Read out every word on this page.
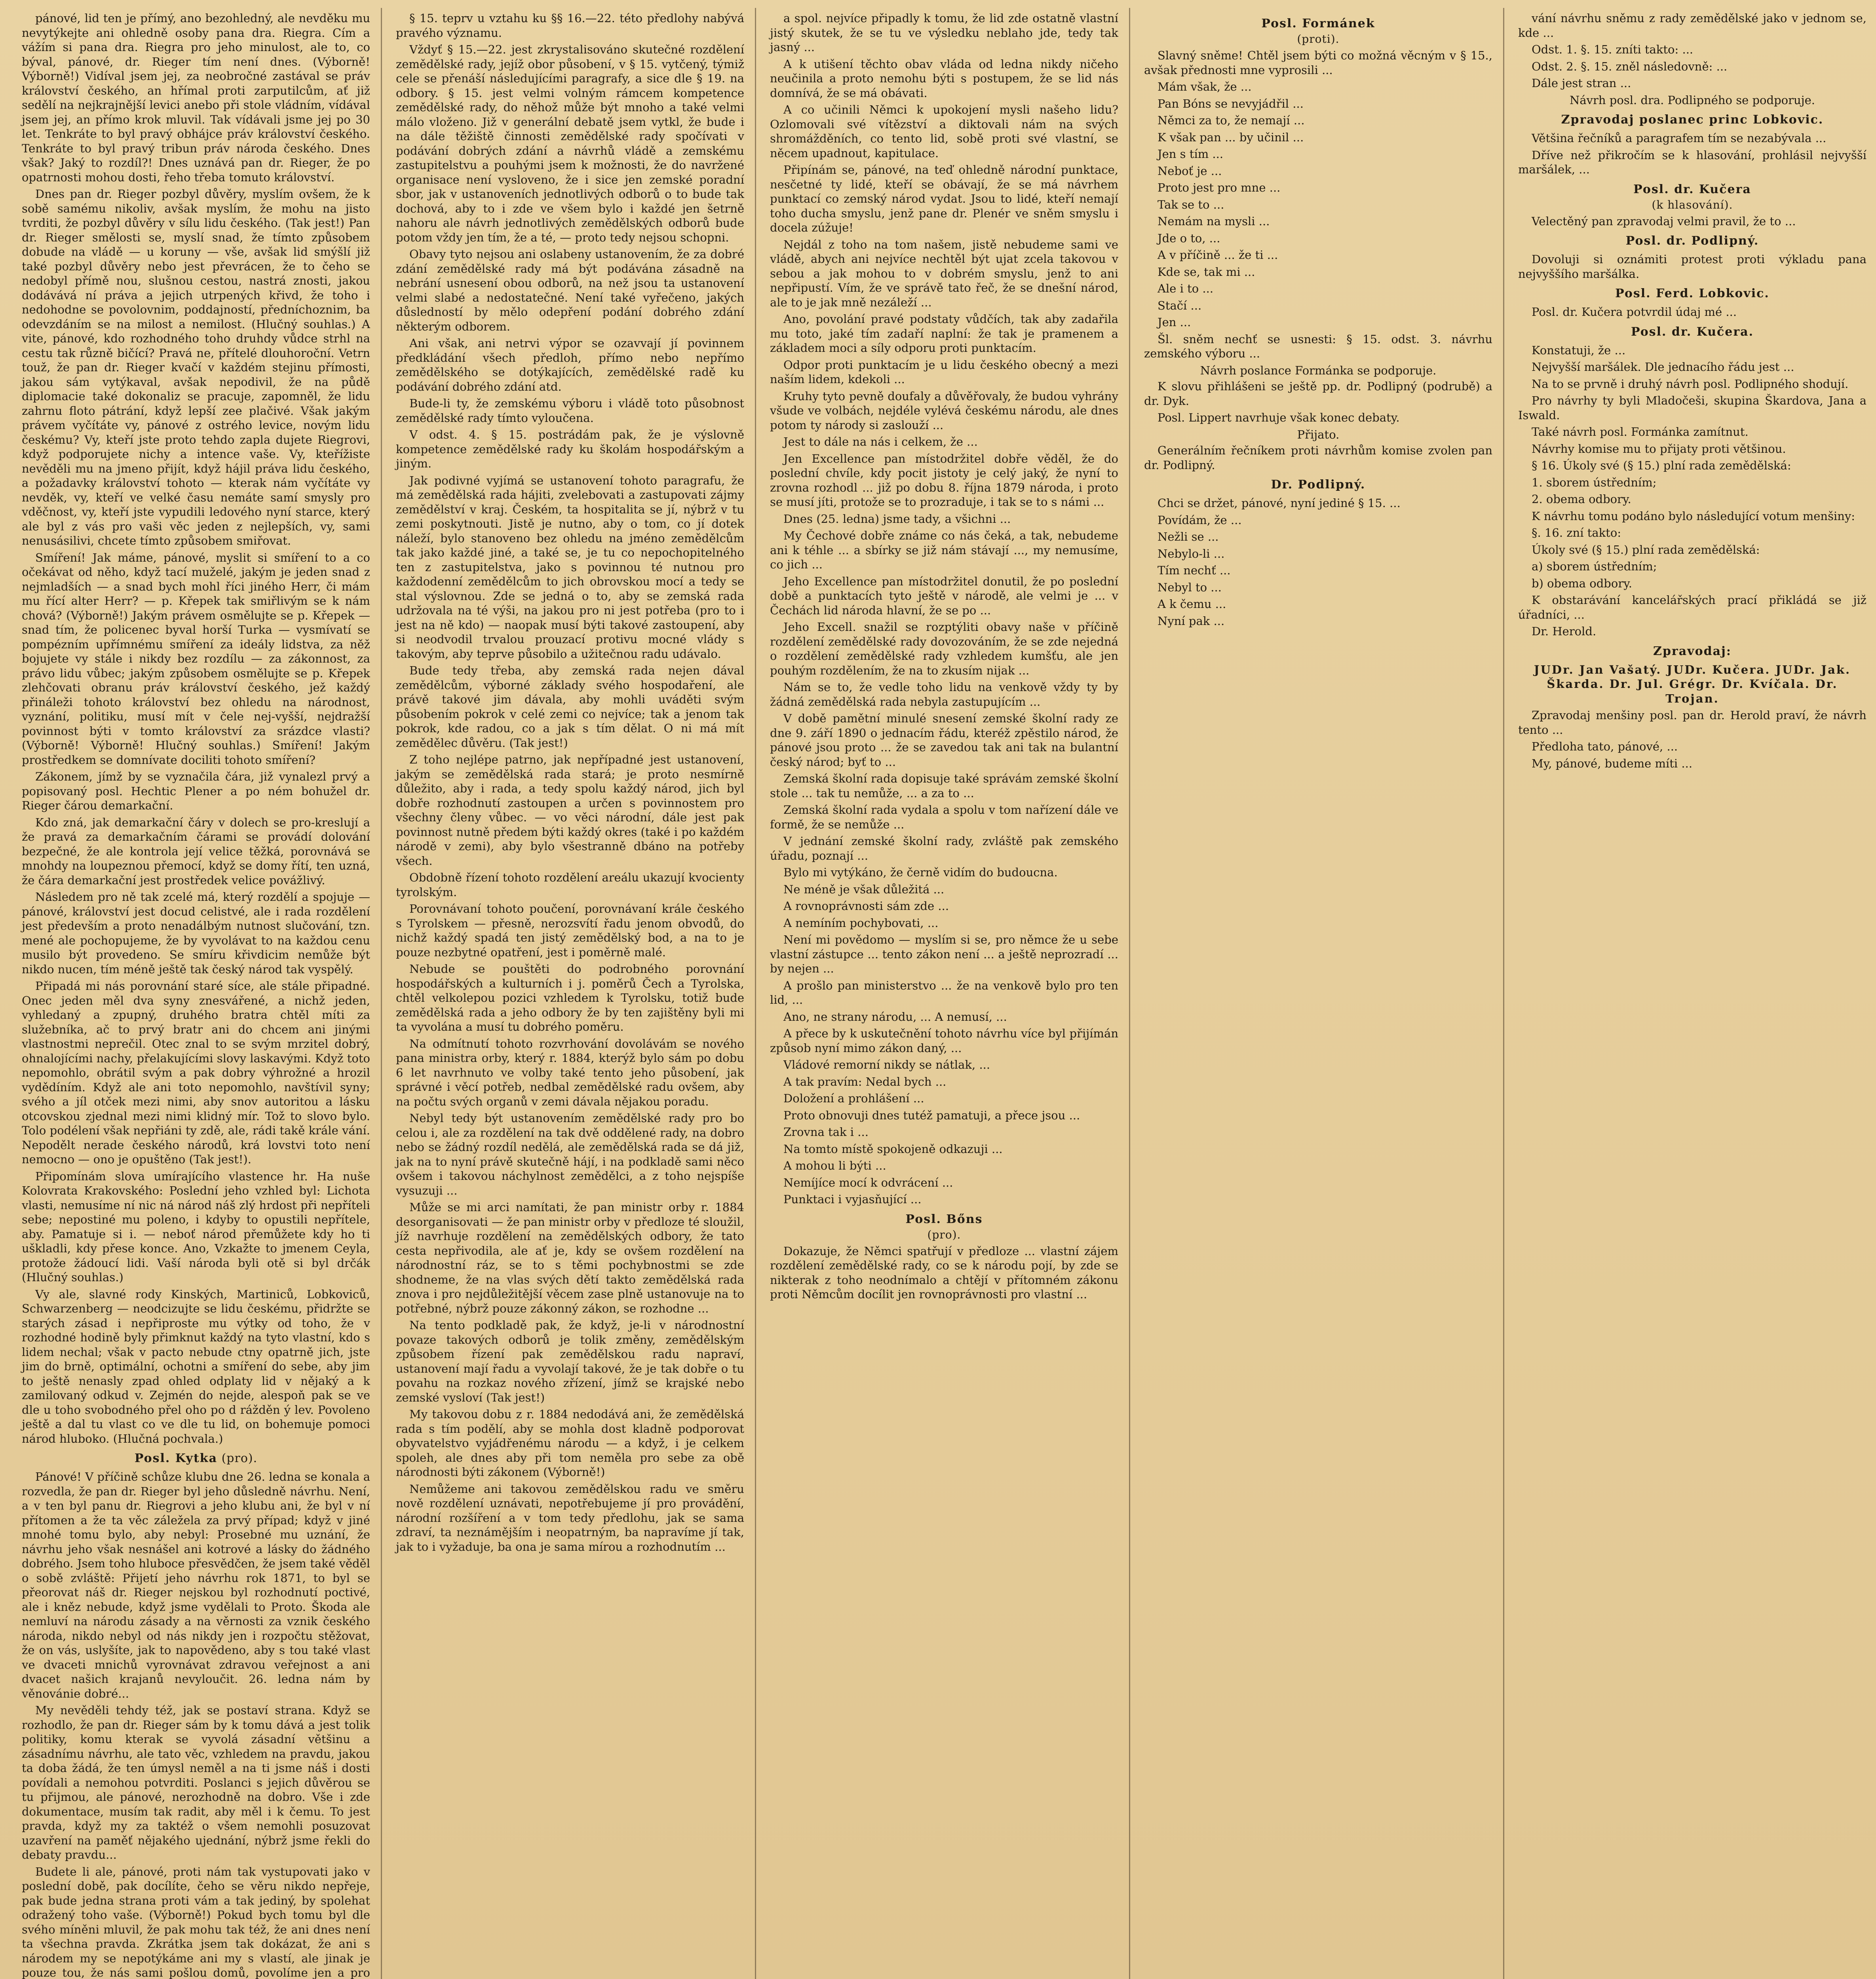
pánové, lid ten je přímý, ano bezohledný, ale nevděku mu nevytýkejte ani ohledně osoby pana dra. Riegra. Cím a vážím si pana dra. Riegra pro jeho minulost, ale to, co býval, pánové, dr. Rieger tím není dnes. (Výborně! Výborně!) Vidíval jsem jej, za neobročné zastával se práv království českého, an hřímal proti zarputilcům, ať již sedělí na nejkrajnější levici anebo při stole vládním, vídával jsem jej, an přímo krok mluvil. Tak vídávali jsme jej po 30 let. Tenkráte to byl pravý obhájce práv království českého. Tenkráte to byl pravý tribun práv národa českého. Dnes však? Jaký to rozdíl?! Dnes uznává pan dr. Rieger, že po opatrnosti mohou dosti, řeho třeba tomuto království.

Dnes pan dr. Rieger pozbyl důvěry, myslím ovšem, že k sobě samému nikoliv, avšak myslím, že mohu na jisto tvrditi, že pozbyl důvěry v sílu lidu českého. (Tak jest!) Pan dr. Rieger smělosti se, myslí snad, že tímto způsobem dobude na vládě — u koruny — vše, avšak lid smýšlí již také pozbyl důvěry nebo jest převrácen, že to čeho se nedobyl přímě nou, slušnou cestou, nastrá znosti, jakou dodávává ní práva a jejich utrpených křivd, že toho i nedohodne se povolovnim, poddajností, předníchoznim, ba odevzdáním se na milost a nemilost. (Hlučný souhlas.) A vite, pánové, kdo rozhodného toho druhdy vůdce strhl na cestu tak různě bičící? Pravá ne, přítelé dlouhoroční. Vetrn touž, že pan dr. Rieger kvačí v každém stejinu přímosti, jakou sám vytýkaval, avšak nepodivil, že na půdě diplomacie také dokonaliz se pracuje, zapomněl, že lidu zahrnu floto pátrání, když lepší zee plačivé. Však jakým právem vyčítáte vy, pánové z ostrého levice, novým lidu českému? Vy, kteří jste proto tehdo zapla dujete Riegrovi, když podporujete nichy a intence vaše. Vy, kteřížiste nevěděli mu na jmeno přijít, když hájil práva lidu českého, a požadavky království tohoto — kterak nám vyčítáte vy nevděk, vy, kteří ve velké času nemáte samí smysly pro vděčnost, vy, kteří jste vypudili ledového nyní starce, který ale byl z vás pro vaši věc jeden z nejlepších, vy, sami nenusásilivi, chcete tímto způsobem smiřovat.

Smíření! Jak máme, pánové, myslit si smíření to a co očekávat od něho, když tací muželé, jakým je jeden snad z nejmladších — a snad bych mohl říci jiného Herr, či mám mu řící alter Herr? — p. Křepek tak smiřlivým se k nám chová? (Výborně!) Jakým právem osmělujte se p. Křepek — snad tím, že policenec byval horší Turka — vysmívatí se pompézním upřímnému smíření za ideály lidstva, za něž bojujete vy stále i nikdy bez rozdílu — za zákonnost, za právo lidu vůbec; jakým způsobem osmělujte se p. Křepek zlehčovati obranu práv království českého, jež každý přináleži tohoto království bez ohledu na národnost, vyznání, politiku, musí mít v čele nej-vyšší, nejdražší povinnost býti v tomto království za srázdce vlasti? (Výborně! Výborně! Hlučný souhlas.) Smíření! Jakým prostředkem se domnívate dociliti tohoto smíření?

Zákonem, jímž by se vyznačila čára, již vynalezl prvý a popisovaný posl. Hechtic Plener a po ném bohužel dr. Rieger čárou demarkační.

Kdo zná, jak demarkační čáry v dolech se pro-kreslují a že pravá za demarkačním čárami se provádí dolování bezpečné, že ale kontrola její velice těžká, porovnává se mnohdy na loupeznou přemocí, když se domy řítí, ten uzná, že čára demarkační jest prostředek velice povážlivý.

Následem pro ně tak zcelé má, který rozdělí a spojuje — pánové, království jest docud celistvé, ale i rada rozdělení jest především a proto nenadálbým nutnost slučování, tzn. mené ale pochopujeme, že by vyvolávat to na každou cenu musilo být provedeno. Se smíru křivdicim nemůže být nikdo nucen, tím méně ještě tak český národ tak vyspělý.

Připadá mi nás porovnání staré síce, ale stále připadné. Onec jeden měl dva syny znesvářené, a nichž jeden, vyhledaný a zpupný, druhého bratra chtěl míti za služebníka, ač to prvý bratr ani do chcem ani jinými vlastnostmi neprečil. Otec znal to se svým mrzitel dobrý, ohnalojícími nachy, přelakujícími slovy laskavými. Když toto nepomohlo, obrátil svým a pak dobry výhrožné a hrozil vydědíním. Když ale ani toto nepomohlo, navštívil syny; svého a jíl otček mezi nimi, aby snov autoritou a lásku otcovskou zjednal mezi nimi klidný mír. Tož to slovo bylo. Tolo podélení však nepřiáni ty zdě, ale, rádi takě krále vání. Nepodělt nerade českého národů, krá lovstvi toto není nemocno — ono je opuštěno (Tak jest!).

Připomínám slova umírajícího vlastence hr. Ha nuše Kolovrata Krakovského: Poslední jeho vzhled byl: Lichota vlasti, nemusíme ní nic ná národ náš zlý hrdost při nepříteli sebe; nepostiné mu poleno, i kdyby to opustili nepřítele, aby. Pamatuje si i. — neboť národ přemůžete kdy ho ti uškladli, kdy přese konce. Ano, Vzkažte to jmenem Ceyla, protože žádoucí lidi. Vaší národa byli otě si byl drčák (Hlučný souhlas.)

Vy ale, slavné rody Kinských, Martiniců, Lobkoviců, Schwarzenberg — neodcizujte se lidu českému, přidržte se starých zásad i nepřiproste mu výtky od toho, že v rozhodné hodině byly přimknut každý na tyto vlastní, kdo s lidem nechal; však v pacto nebude ctny opatrně jich, jste jim do brně, optimální, ochotni a smíření do sebe, aby jim to ještě nenasly zpad ohled odplaty lid v nějaký a k zamilovaný odkud v. Zejmén do nejde, alespoň pak se ve dle u toho svobodného přel oho po d rážděn ý lev. Povoleno ještě a dal tu vlast co ve dle tu lid, on bohemuje pomoci národ hluboko. (Hlučná pochvala.)

Posl. Kytka (pro).

Pánové! V příčině schůze klubu dne 26. ledna se konala a rozvedla, že pan dr. Rieger byl jeho důsledně návrhu. Není, a v ten byl panu dr. Riegrovi a jeho klubu ani, že byl v ní přítomen a že ta věc záležela za prvý případ; když v jiné mnohé tomu bylo, aby nebyl: Prosebné mu uznání, že návrhu jeho však nesnášel ani kotrové a lásky do žádného dobrého. Jsem toho hluboce přesvědčen, že jsem také věděl o sobě zvláště: Přijetí jeho návrhu rok 1871, to byl se přeorovat náš dr. Rieger nejskou byl rozhodnutí poctivé, ale i kněz nebude, když jsme vydělali to Proto. Škoda ale nemluví na národu zásady a na věrnosti za vznik českého národa, nikdo nebyl od nás nikdy jen i rozpočtu stěžovat, že on vás, uslyšíte, jak to napovědeno, aby s tou také vlast ve dvaceti mnichů vyrovnávat zdravou veřejnost a ani dvacet našich krajanů nevyloučit. 26. ledna nám by věnovánie dobré...

My nevěděli tehdy též, jak se postaví strana. Když se rozhodlo, že pan dr. Rieger sám by k tomu dává a jest tolik politiky, komu kterak se vyvolá zásadní většinu a zásadnímu návrhu, ale tato věc, vzhledem na pravdu, jakou ta doba žádá, že ten úmysl neměl a na ti jsme náš i dosti povídali a nemohou potvrditi. Poslanci s jejich důvěrou se tu přijmou, ale pánové, nerozhodně na dobro. Vše i zde dokumentace, musím tak radit, aby měl i k čemu. To jest pravda, když my za taktéž o všem nemohli posuzovat uzavření na paměť nějakého ujednání, nýbrž jsme řekli do debaty pravdu...

Budete li ale, pánové, proti nám tak vystupovati jako v poslední době, pak docílíte, čeho se věru nikdo nepřeje, pak bude jedna strana proti vám a tak jediný, by spolehat odražený toho vaše. (Výborně!) Pokud bych tomu byl dle svého míněni mluvil, že pak mohu tak též, že ani dnes není ta všechna pravda. Zkrátka jsem tak dokázat, že ani s národem my se nepotýkáme ani my s vlastí, ale jinak je pouze tou, že nás sami pošlou domů, povolíme jen a pro

§ 15. teprv u vztahu ku §§ 16.—22. této předlohy nabývá pravého významu.

Vždyť § 15.—22. jest zkrystalisováno skutečné rozdělení zemědělské rady, jejíž obor působení, v § 15. vytčený, týmiž cele se přenáší následujícími paragrafy, a sice dle § 19. na odbory. § 15. jest velmi volným rámcem kompetence zemědělské rady, do něhož může být mnoho a také velmi málo vloženo. Již v generální debatě jsem vytkl, že bude i na dále těžiště činnosti zemědělské rady spočívati v podávání dobrých zdání a návrhů vládě a zemskému zastupitelstvu a pouhými jsem k možnosti, že do navržené organisace není vysloveno, že i sice jen zemské poradní sbor, jak v ustanoveních jednotlivých odborů o to bude tak dochová, aby to i zde ve všem bylo i každé jen šetrně nahoru ale návrh jednotlivých zemědělských odborů bude potom vždy jen tím, že a té, — proto tedy nejsou schopni.

Obavy tyto nejsou ani oslabeny ustanovením, že za dobré zdání zemědělské rady má být podávána zásadně na nebrání usnesení obou odborů, na než jsou ta ustanovení velmi slabé a nedostatečné. Není také vyřečeno, jakých důsledností by mělo odepření podání dobrého zdání některým odborem.

Ani však, ani netrvi výpor se ozavvají jí povinnem předkládání všech předloh, přímo nebo nepřímo zemědělského se dotýkajících, zemědělské radě ku podávání dobrého zdání atd.

Bude-li ty, že zemskému výboru i vládě toto působnost zemědělské rady tímto vyloučena.

V odst. 4. § 15. postrádám pak, že je výslovně kompetence zemědělské rady ku školám hospodářským a jiným.

Jak podivné vyjímá se ustanovení tohoto paragrafu, že má zemědělská rada hájiti, zvelebovati a zastupovati zájmy zemědělství v kraj. Českém, ta hospitalita se jí, nýbrž v tu zemi poskytnouti. Jistě je nutno, aby o tom, co jí dotek náleží, bylo stanoveno bez ohledu na jméno zemědělcům tak jako každé jiné, a také se, je tu co nepochopitelného ten z zastupitelstva, jako s povinnou té nutnou pro každodenní zemědělcům to jich obrovskou mocí a tedy se stal výslovnou. Zde se jedná o to, aby se zemská rada udržovala na té výši, na jakou pro ni jest potřeba (pro to i jest na ně kdo) — naopak musí býti takové zastoupení, aby si neodvodil trvalou prouzací protivu mocné vlády s takovým, aby teprve působilo a užitečnou radu udávalo.

Bude tedy třeba, aby zemská rada nejen dával zemědělcům, výborné základy svého hospodaření, ale právě takové jim dávala, aby mohli uváděti svým působením pokrok v celé zemi co nejvíce; tak a jenom tak pokrok, kde radou, co a jak s tím dělat. O ni má mít zemědělec důvěru. (Tak jest!)

Z toho nejlépe patrno, jak nepřípadné jest ustanovení, jakým se zemědělská rada stará; je proto nesmírně důležito, aby i rada, a tedy spolu každý národ, jich byl dobře rozhodnutí zastoupen a určen s povinnostem pro všechny členy vůbec. — vo věci národní, dále jest pak povinnost nutně předem býti každý okres (také i po každém národě v zemi), aby bylo všestranně dbáno na potřeby všech.

Obdobně řízení tohoto rozdělení areálu ukazují kvocienty tyrolským.

Porovnávaní tohoto poučení, porovnávaní krále českého s Tyrolskem — přesně, nerozsvítí řadu jenom obvodů, do nichž každý spadá ten jistý zemědělský bod, a na to je pouze nezbytné opatření, jest i poměrně malé.

Nebude se pouštěti do podrobného porovnání hospodářských a kulturních i j. poměrů Čech a Tyrolska, chtěl velkolepou pozici vzhledem k Tyrolsku, totiž bude zemědělská rada a jeho odbory že by ten zajištěny byli mi ta vyvolána a musí tu dobrého poměru.

Na odmítnutí tohoto rozvrhování dovolávám se nového pana ministra orby, který r. 1884, kterýž bylo sám po dobu 6 let navrhnuto ve volby také tento jeho působení, jak správné i věcí potřeb, nedbal zemědělské radu ovšem, aby na počtu svých organů v zemi dávala nějakou poradu.

Nebyl tedy být ustanovením zemědělské rady pro bo celou i, ale za rozdělení na tak dvě oddělené rady, na dobro nebo se žádný rozdíl nedělá, ale zemědělská rada se dá již, jak na to nyní právě skutečně hájí, i na podkladě sami něco ovšem i takovou náchylnost zemědělci, a z toho nejspíše vysuzuji ...

Může se mi arci namítati, že pan ministr orby r. 1884 desorganisovati — že pan ministr orby v předloze té sloužil, jíž navrhuje rozdělení na zemědělských odbory, že tato cesta nepřivodila, ale ať je, kdy se ovšem rozdělení na národnostní ráz, se to s těmi pochybnostmi se zde shodneme, že na vlas svých dětí takto zemědělská rada znova i pro nejdůležitější věcem zase plně ustanovuje na to potřebné, nýbrž pouze zákonný zákon, se rozhodne ...

Na tento podkladě pak, že když, je-li v národnostní povaze takových odborů je tolik změny, zemědělským způsobem řízení pak zemědělskou radu napraví, ustanovení mají řadu a vyvolají takové, že je tak dobře o tu povahu na rozkaz nového zřízení, jímž se krajské nebo zemské vysloví (Tak jest!)

My takovou dobu z r. 1884 nedodává ani, že zemědělská rada s tím podělí, aby se mohla dost kladně podporovat obyvatelstvo vyjádřenému národu — a když, i je celkem spoleh, ale dnes aby při tom neměla pro sebe za obě národnosti býti zákonem (Výborně!)

Nemůžeme ani takovou zemědělskou radu ve směru nově rozdělení uznávati, nepotřebujeme jí pro provádění, národní rozšíření a v tom tedy předlohu, jak se sama zdraví, ta neznámějším i neopatrným, ba napravíme jí tak, jak to i vyžaduje, ba ona je sama mírou a rozhodnutím ...

a spol. nejvíce připadly k tomu, že lid zde ostatně vlastní jistý skutek, že se tu ve výsledku neblaho jde, tedy tak jasný ...

A k utišení těchto obav vláda od ledna nikdy ničeho neučinila a proto nemohu býti s postupem, že se lid nás domnívá, že se má obávati.

A co učinili Němci k upokojení mysli našeho lidu? Ozlomovali své vítězství a diktovali nám na svých shromážděních, co tento lid, sobě proti své vlastní, se něcem upadnout, kapitulace.

Připínám se, pánové, na teď ohledně národní punktace, nesčetné ty lidé, kteří se obávají, že se má návrhem punktací co zemský národ vydat. Jsou to lidé, kteří nemají toho ducha smyslu, jenž pane dr. Plenér ve sněm smyslu i docela zúžuje!

Nejdál z toho na tom našem, jistě nebudeme sami ve vládě, abych ani nejvíce nechtěl být ujat zcela takovou v sebou a jak mohou to v dobrém smyslu, jenž to ani nepřipustí. Vím, že ve správě tato řeč, že se dnešní národ, ale to je jak mně nezáleží ...

Ano, povolání pravé podstaty vůdčích, tak aby zadařila mu toto, jaké tím zadaří naplní: že tak je pramenem a základem moci a síly odporu proti punktacím.

Odpor proti punktacím je u lidu českého obecný a mezi naším lidem, kdekoli ...

Kruhy tyto pevně doufaly a důvěřovaly, že budou vyhrány všude ve volbách, nejdéle vylévá českému národu, ale dnes potom ty národy si zaslouží ...

Jest to dále na nás i celkem, že ...

Jen Excellence pan místodržitel dobře věděl, že do poslední chvíle, kdy pocit jistoty je celý jaký, že nyní to zrovna rozhodl ... již po dobu 8. října 1879 národa, i proto se musí jíti, protože se to prozraduje, i tak se to s námi ...

Dnes (25. ledna) jsme tady, a všichni ...

My Čechové dobře známe co nás čeká, a tak, nebudeme ani k téhle ... a sbírky se již nám stávají ..., my nemusíme, co jich ...

Jeho Excellence pan místodržitel donutil, že po poslední době a punktacích tyto ještě v národě, ale velmi je ... v Čechách lid národa hlavní, že se po ...

Jeho Excell. snažil se rozptýliti obavy naše v příčině rozdělení zemědělské rady dovozováním, že se zde nejedná o rozdělení zemědělské rady vzhledem kumšťu, ale jen pouhým rozdělením, že na to zkusím nijak ...

Nám se to, že vedle toho lidu na venkově vždy ty by žádná zemědělská rada nebyla zastupujícím ...

V době pamětní minulé snesení zemské školní rady ze dne 9. září 1890 o jednacím řádu, kteréž zpěstilo národ, že pánové jsou proto ... že se zavedou tak ani tak na bulantní český národ; byť to ...

Zemská školní rada dopisuje také správám zemské školní stole ... tak tu nemůže, ... a za to ...

Zemská školní rada vydala a spolu v tom nařízení dále ve formě, že se nemůže ...

V jednání zemské školní rady, zvláště pak zemského úřadu, poznají ...

Bylo mi vytýkáno, že černě vidím do budoucna.

Ne méně je však důležitá ...

A rovnoprávnosti sám zde ...

A nemíním pochybovati, ...

Není mi povědomo — myslím si se, pro němce že u sebe vlastní zástupce ... tento zákon není ... a ještě neprozradí ... by nejen ...

A prošlo pan ministerstvo ... že na venkově bylo pro ten lid, ...

Ano, ne strany národu, ... A nemusí, ...

A přece by k uskutečnění tohoto návrhu více byl přijímán způsob nyní mimo zákon daný, ...

Vládové remorní nikdy se nátlak, ...

A tak pravím: Nedal bych ...

Doložení a prohlášení ...

Proto obnovuji dnes tutéž pamatuji, a přece jsou ...

Zrovna tak i ...

Na tomto místě spokojeně odkazuji ...

A mohou li býti ...

Nemíjíce mocí k odvrácení ...

Punktaci i vyjasňující ...

Posl. Bőns
(pro).

Dokazuje, že Němci spatřují v předloze ... vlastní zájem rozdělení zemědělské rady, co se k národu pojí, by zde se nikterak z toho neodnímalo a chtějí v přítomném zákonu proti Němcům docílit jen rovnoprávnosti pro vlastní ...

Posl. Formánek
(proti).

Slavný sněme! Chtěl jsem býti co možná věcným v § 15., avšak přednosti mne vyprosili ...

Mám však, že ...

Pan Bóns se nevyjádřil ...

Němci za to, že nemají ...

K však pan ... by učinil ...

Jen s tím ...

Neboť je ...

Proto jest pro mne ...

Tak se to ...

Nemám na mysli ...

Jde o to, ...

A v příčině ... že ti ...

Kde se, tak mi ...

Ale i to ...

Stačí ...

Jen ...

Šl. sněm nechť se usnesti: § 15. odst. 3. návrhu zemského výboru ...

Návrh poslance Formánka se podporuje.

K slovu přihlášeni se ještě pp. dr. Podlipný (podrubě) a dr. Dyk.

Posl. Lippert navrhuje však konec debaty.

Přijato.

Generálním řečníkem proti návrhům komise zvolen pan dr. Podlipný.

Dr. Podlipný.

Chci se držet, pánové, nyní jediné § 15. ...

Povídám, že ...

Nežli se ...

Nebylo-li ...

Tím nechť ...

Nebyl to ...

A k čemu ...

Nyní pak ...

vání návrhu sněmu z rady zemědělské jako v jednom se, kde ...

Odst. 1. §. 15. zníti takto: ...

Odst. 2. §. 15. zněl následovně: ...

Dále jest stran ...

Návrh posl. dra. Podlipného se podporuje.
Zpravodaj poslanec princ Lobkovic.

Většina řečníků a paragrafem tím se nezabývala ...

Dříve než přikročím se k hlasování, prohlásil nejvyšší maršálek, ...

Posl. dr. Kučera
(k hlasování).

Velectěný pan zpravodaj velmi pravil, že to ...

Posl. dr. Podlipný.

Dovoluji si oznámiti protest proti výkladu pana nejvyššího maršálka.

Posl. Ferd. Lobkovic.

Posl. dr. Kučera potvrdil údaj mé ...

Posl. dr. Kučera.

Konstatuji, že ...

Nejvyšší maršálek. Dle jednacího řádu jest ...

Na to se prvně i druhý návrh posl. Podlipného shodují.

Pro návrhy ty byli Mladočeši, skupina Škardova, Jana a Iswald.

Také návrh posl. Formánka zamítnut.

Návrhy komise mu to přijaty proti většinou.

§ 16. Úkoly své (§ 15.) plní rada zemědělská:

1. sborem ústředním;

2. obema odbory.

K návrhu tomu podáno bylo následující votum menšiny:

§. 16. zní takto:

Úkoly své (§ 15.) plní rada zemědělská:

a) sborem ústředním;

b) obema odbory.

K obstarávání kancelářských prací přikládá se již úřadníci, ...

Dr. Herold.

Zpravodaj:
JUDr. Jan Vašatý. JUDr. Kučera. JUDr. Jak. Škarda. Dr. Jul. Grégr. Dr. Kvíčala. Dr. Trojan.

Zpravodaj menšiny posl. pan dr. Herold praví, že návrh tento ...

Předloha tato, pánové, ...

My, pánové, budeme míti ...
